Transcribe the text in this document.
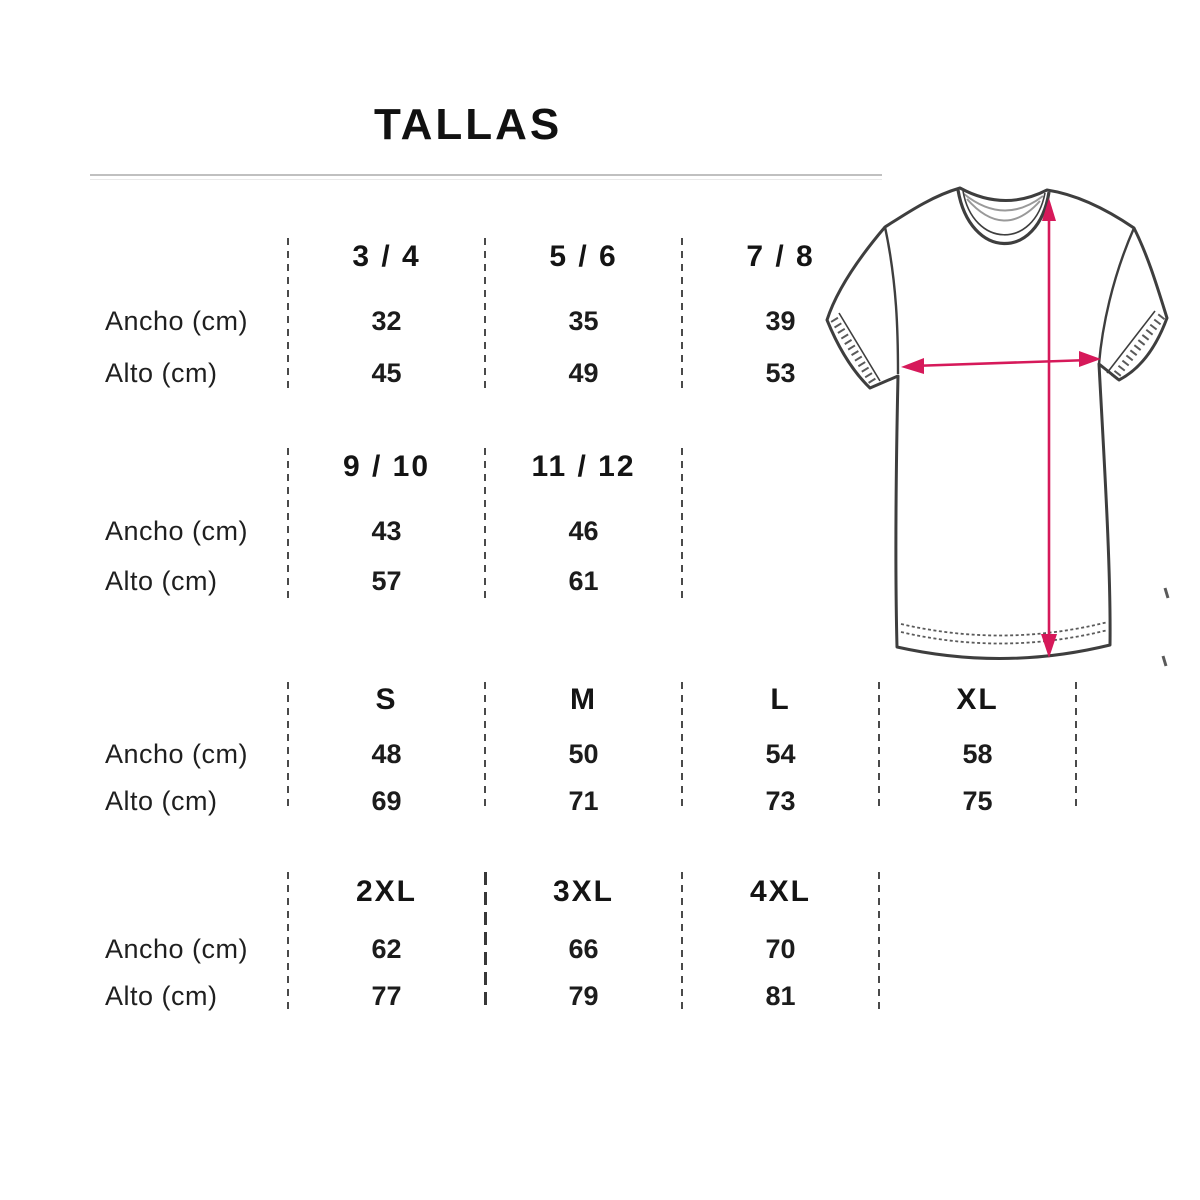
TALLAS
3 / 4	5 / 6	7 / 8
Ancho (cm)	32	35	39
Alto (cm)	45	49	53
9 / 10	11 / 12
Ancho (cm)	43	46
Alto (cm)	57	61
S	M	L	XL
Ancho (cm)	48	50	54	58
Alto (cm)	69	71	73	75
2XL	3XL	4XL
Ancho (cm)	62	66	70
Alto (cm)	77	79	81
